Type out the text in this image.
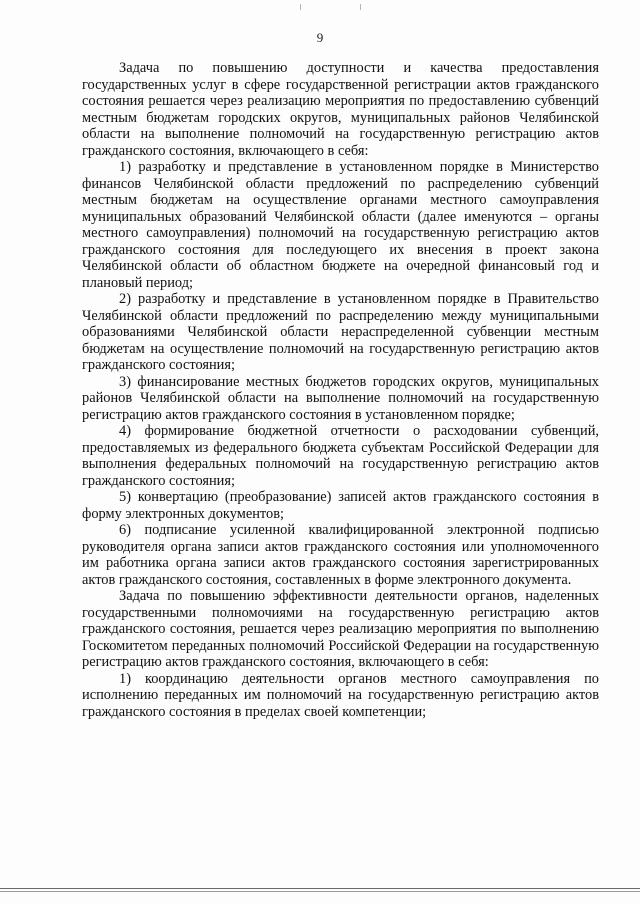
9

Задача по повышению доступности и качества предоставления государственных услуг в сфере государственной регистрации актов гражданского состояния решается через реализацию мероприятия по предоставлению субвенций местным бюджетам городских округов, муниципальных районов Челябинской области на выполнение полномочий на государственную регистрацию актов гражданского состояния, включающего в себя:

1) разработку и представление в установленном порядке в Министерство финансов Челябинской области предложений по распределению субвенций местным бюджетам на осуществление органами местного самоуправления муниципальных образований Челябинской области (далее именуются – органы местного самоуправления) полномочий на государственную регистрацию актов гражданского состояния для последующего их внесения в проект закона Челябинской области об областном бюджете на очередной финансовый год и плановый период;

2) разработку и представление в установленном порядке в Правительство Челябинской области предложений по распределению между муниципальными образованиями Челябинской области нераспределенной субвенции местным бюджетам на осуществление полномочий на государственную регистрацию актов гражданского состояния;

3) финансирование местных бюджетов городских округов, муниципальных районов Челябинской области на выполнение полномочий на государственную регистрацию актов гражданского состояния в установленном порядке;

4) формирование бюджетной отчетности о расходовании субвенций, предоставляемых из федерального бюджета субъектам Российской Федерации для выполнения федеральных полномочий на государственную регистрацию актов гражданского состояния;

5) конвертацию (преобразование) записей актов гражданского состояния в форму электронных документов;

6) подписание усиленной квалифицированной электронной подписью руководителя органа записи актов гражданского состояния или уполномоченного им работника органа записи актов гражданского состояния зарегистрированных актов гражданского состояния, составленных в форме электронного документа.

Задача по повышению эффективности деятельности органов, наделенных государственными полномочиями на государственную регистрацию актов гражданского состояния, решается через реализацию мероприятия по выполнению Госкомитетом переданных полномочий Российской Федерации на государственную регистрацию актов гражданского состояния, включающего в себя:

1) координацию деятельности органов местного самоуправления по исполнению переданных им полномочий на государственную регистрацию актов гражданского состояния в пределах своей компетенции;
